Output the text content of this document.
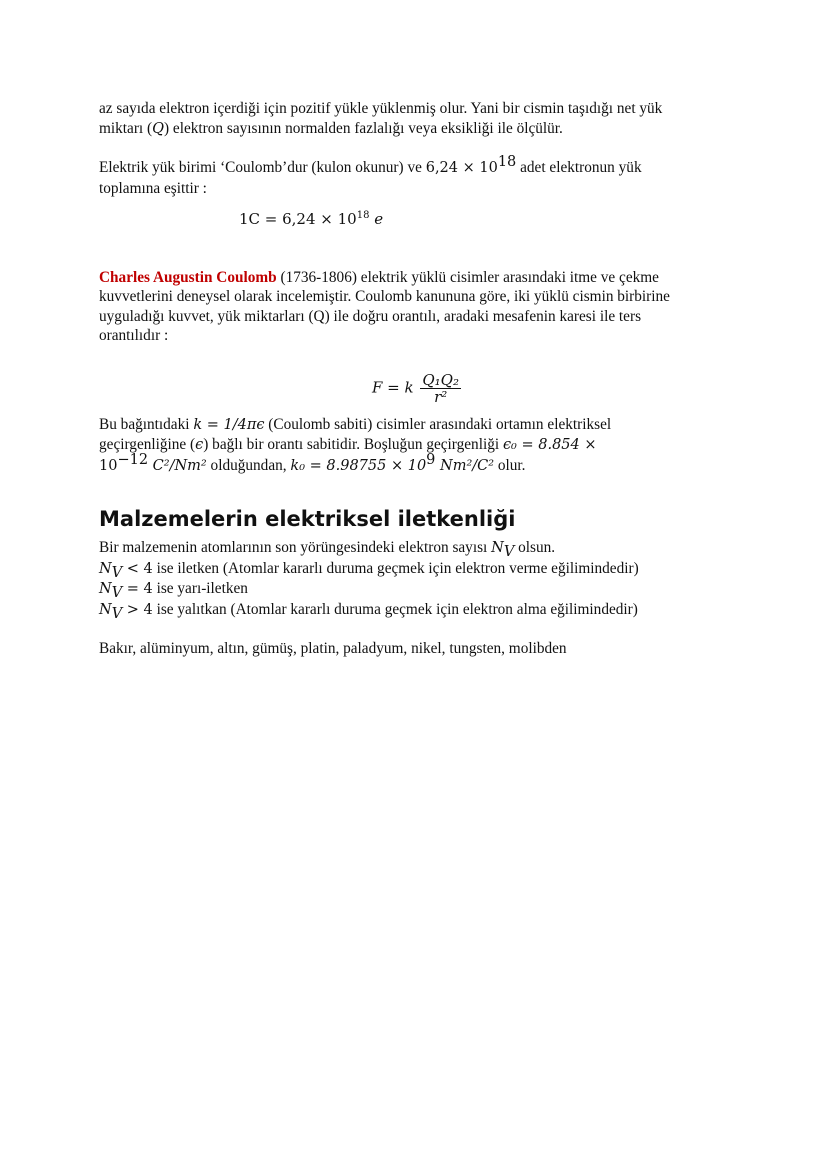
az sayıda elektron içerdiği için pozitif yükle yüklenmiş olur. Yani bir cismin taşıdığı net yük
miktarı (Q) elektron sayısının normalden fazlalığı veya eksikliği ile ölçülür.

Elektrik yük birimi ‘Coulomb’dur (kulon okunur) ve $6,24 \times 10^{18}$ adet elektronun yük
toplamına eşittir :

$1C = 6,24 \times 10^{18}$ e

Charles Augustin Coulomb (1736-1806) elektrik yüklü cisimler arasındaki itme ve çekme
kuvvetlerini deneysel olarak incelemiştir. Coulomb kanununa göre, iki yüklü cismin birbirine
uyguladığı kuvvet, yük miktarları (Q) ile doğru orantılı, aradaki mesafenin karesi ile ters
orantılıdır :

F = k $\frac{\text{Q₁Q₂}}{\text{r²}}$

Bu bağıntıdaki k = 1/4πϵ (Coulomb sabiti) cisimler arasındaki ortamın elektriksel
geçirgenliğine (ϵ) bağlı bir orantı sabitidir. Boşluğun geçirgenliği ϵ₀ = 8.854 ×
$10^{-12}$ C²/Nm² olduğundan, $k_0 = 8.98755 \times 10^9$ Nm²/C² olur.

Malzemelerin elektriksel iletkenliği

Bir malzemenin atomlarının son yörüngesindeki elektron sayısı $N_V$ olsun.

$N_V < 4$ ise iletken (Atomlar kararlı duruma geçmek için elektron verme eğilimindedir)

$N_V = 4$ ise yarı-iletken

$N_V > 4$ ise yalıtkan (Atomlar kararlı duruma geçmek için elektron alma eğilimindedir)

Bakır, alüminyum, altın, gümüş, platin, paladyum, nikel, tungsten, molibden
